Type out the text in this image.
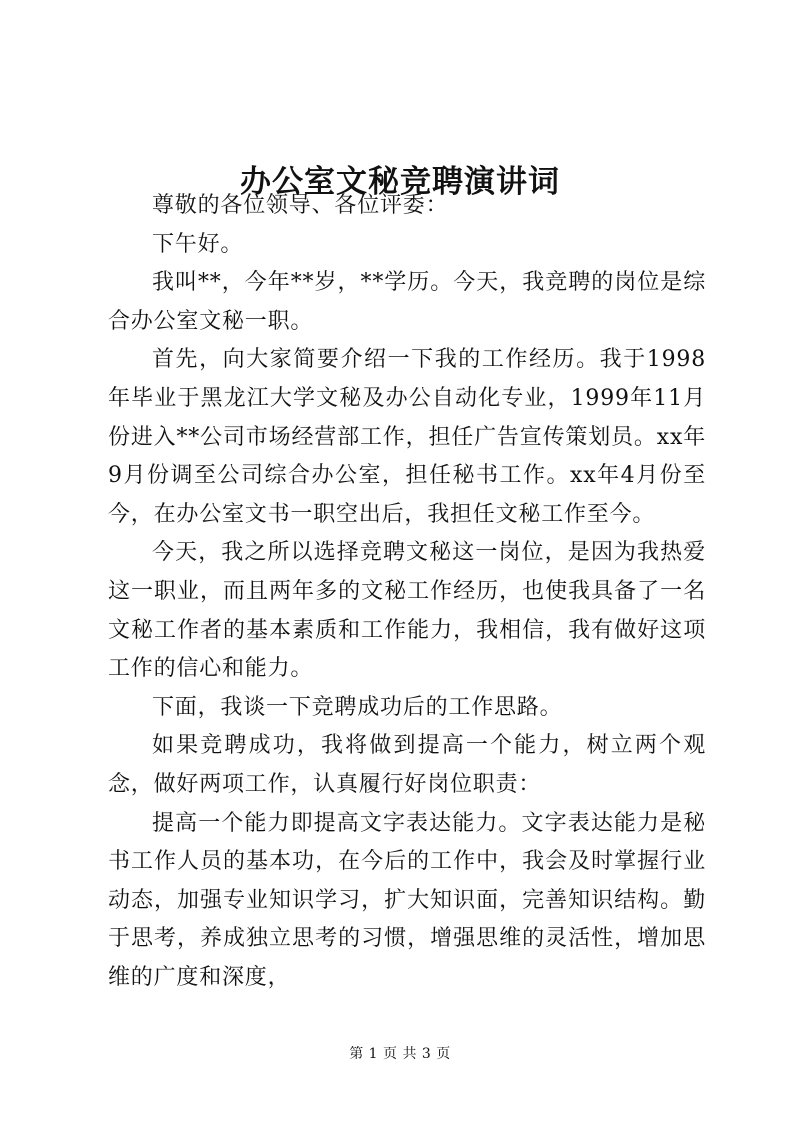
办公室文秘竞聘演讲词

尊敬的各位领导、各位评委：

下午好。

我叫**，今年**岁，**学历。今天，我竞聘的岗位是综合办公室文秘一职。

首先，向大家简要介绍一下我的工作经历。我于1998年毕业于黑龙江大学文秘及办公自动化专业，1999年11月份进入**公司市场经营部工作，担任广告宣传策划员。xx年9月份调至公司综合办公室，担任秘书工作。xx年4月份至今，在办公室文书一职空出后，我担任文秘工作至今。

今天，我之所以选择竞聘文秘这一岗位，是因为我热爱这一职业，而且两年多的文秘工作经历，也使我具备了一名文秘工作者的基本素质和工作能力，我相信，我有做好这项工作的信心和能力。

下面，我谈一下竞聘成功后的工作思路。

如果竞聘成功，我将做到提高一个能力，树立两个观念，做好两项工作，认真履行好岗位职责：

提高一个能力即提高文字表达能力。文字表达能力是秘书工作人员的基本功，在今后的工作中，我会及时掌握行业动态，加强专业知识学习，扩大知识面，完善知识结构。勤于思考，养成独立思考的习惯，增强思维的灵活性，增加思维的广度和深度，

第 1 页 共 3 页
